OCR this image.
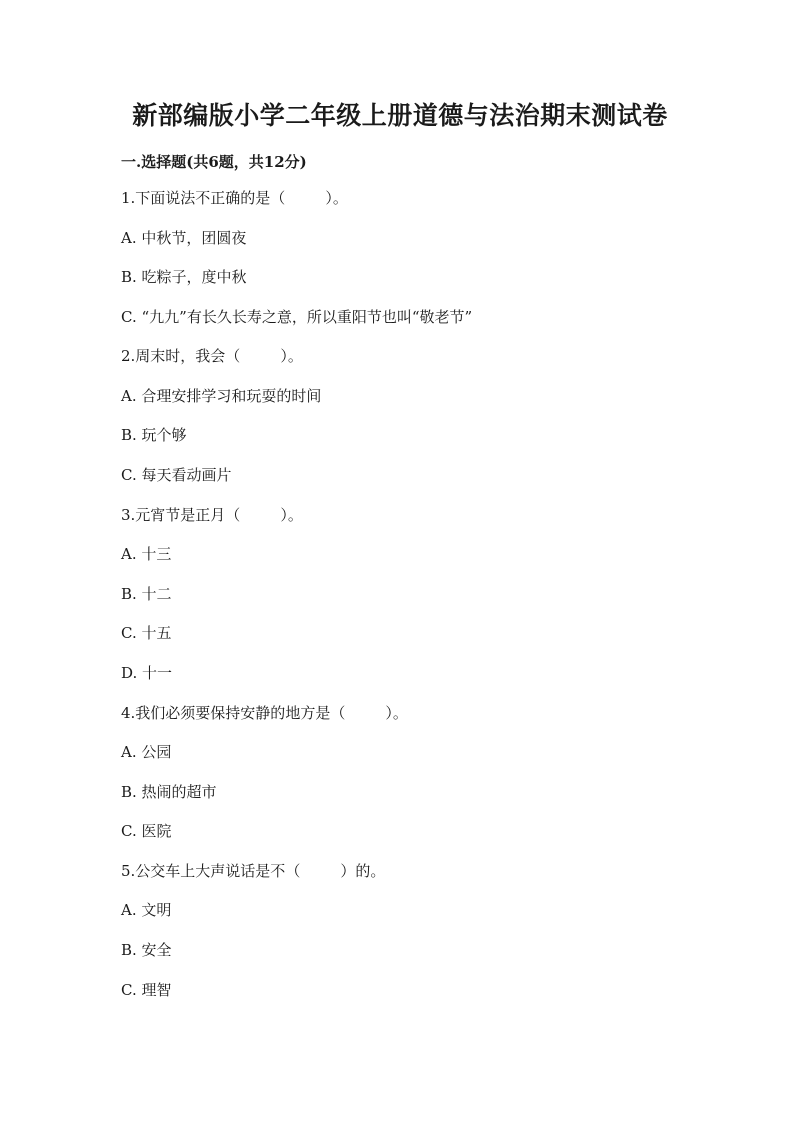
新部编版小学二年级上册道德与法治期末测试卷
一.选择题(共6题，共12分)

1.下面说法不正确的是（	）。

A. 中秋节，团圆夜

B. 吃粽子，度中秋

C. “九九”有长久长寿之意，所以重阳节也叫“敬老节”

2.周末时，我会（	）。

A. 合理安排学习和玩耍的时间

B. 玩个够

C. 每天看动画片

3.元宵节是正月（	）。

A. 十三

B. 十二

C. 十五

D. 十一

4.我们必须要保持安静的地方是（	）。

A. 公园

B. 热闹的超市

C. 医院

5.公交车上大声说话是不（	）的。

A. 文明

B. 安全

C. 理智
